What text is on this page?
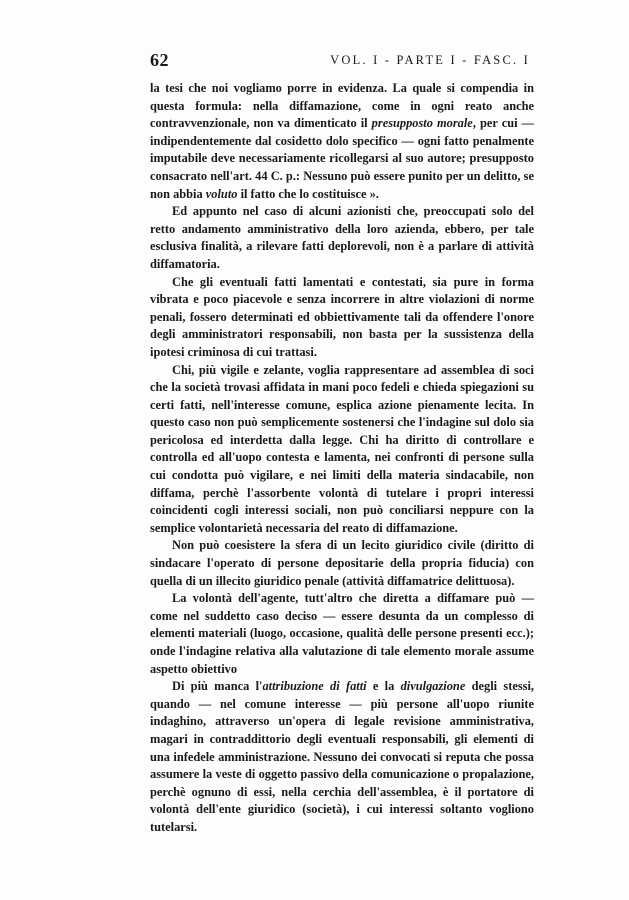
62	VOL. I - PARTE I - FASC. I

la tesi che noi vogliamo porre in evidenza. La quale si compendia in questa formula: nella diffamazione, come in ogni reato anche contravvenzionale, non va dimenticato il presupposto morale, per cui — indipendentemente dal cosidetto dolo specifico — ogni fatto penalmente imputabile deve necessariamente ricollegarsi al suo autore; presupposto consacrato nell'art. 44 C. p.: Nessuno può essere punito per un delitto, se non abbia voluto il fatto che lo costituisce ».

Ed appunto nel caso di alcuni azionisti che, preoccupati solo del retto andamento amministrativo della loro azienda, ebbero, per tale esclusiva finalità, a rilevare fatti deplorevoli, non è a parlare di attività diffamatoria.

Che gli eventuali fatti lamentati e contestati, sia pure in forma vibrata e poco piacevole e senza incorrere in altre violazioni di norme penali, fossero determinati ed obbiettivamente tali da offendere l'onore degli amministratori responsabili, non basta per la sussistenza della ipotesi criminosa di cui trattasi.

Chi, più vigile e zelante, voglia rappresentare ad assemblea di soci che la società trovasi affidata in mani poco fedeli e chieda spiegazioni su certi fatti, nell'interesse comune, esplica azione pienamente lecita. In questo caso non può semplicemente sostenersi che l'indagine sul dolo sia pericolosa ed interdetta dalla legge. Chi ha diritto di controllare e controlla ed all'uopo contesta e lamenta, nei confronti di persone sulla cui condotta può vigilare, e nei limiti della materia sindacabile, non diffama, perchè l'assorbente volontà di tutelare i propri interessi coincidenti cogli interessi sociali, non può conciliarsi neppure con la semplice volontarietà necessaria del reato di diffamazione.

Non può coesistere la sfera di un lecito giuridico civile (diritto di sindacare l'operato di persone depositarie della propria fiducia) con quella di un illecito giuridico penale (attività diffamatrice delittuosa).

La volontà dell'agente, tutt'altro che diretta a diffamare può — come nel suddetto caso deciso — essere desunta da un complesso di elementi materiali (luogo, occasione, qualità delle persone presenti ecc.); onde l'indagine relativa alla valutazione di tale elemento morale assume aspetto obiettivo

Di più manca l'attribuzione di fatti e la divulgazione degli stessi, quando — nel comune interesse — più persone all'uopo riunite indaghino, attraverso un'opera di legale revisione amministrativa, magari in contraddittorio degli eventuali responsabili, gli elementi di una infedele amministrazione. Nessuno dei convocati si reputa che possa assumere la veste di oggetto passivo della comunicazione o propalazione, perchè ognuno di essi, nella cerchia dell'assemblea, è il portatore di volontà dell'ente giuridico (società), i cui interessi soltanto vogliono tutelarsi.
